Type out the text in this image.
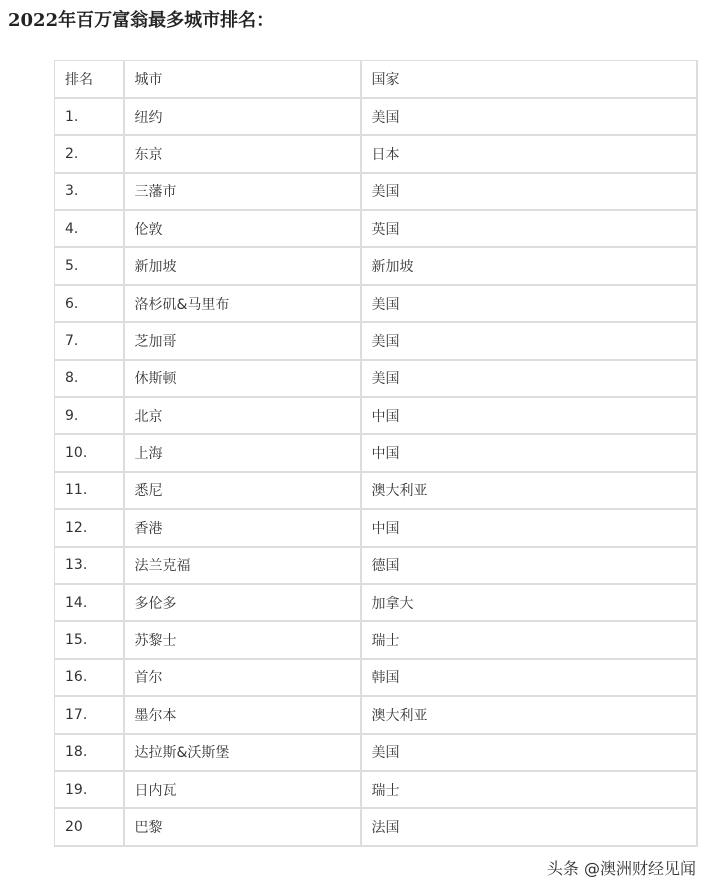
2022年百万富翁最多城市排名：
排名	城市	国家
1.	纽约	美国
2.	东京	日本
3.	三藩市	美国
4.	伦敦	英国
5.	新加坡	新加坡
6.	洛杉矶&马里布	美国
7.	芝加哥	美国
8.	休斯顿	美国
9.	北京	中国
10.	上海	中国
11.	悉尼	澳大利亚
12.	香港	中国
13.	法兰克福	德国
14.	多伦多	加拿大
15.	苏黎士	瑞士
16.	首尔	韩国
17.	墨尔本	澳大利亚
18.	达拉斯&沃斯堡	美国
19.	日内瓦	瑞士
20	巴黎	法国
头条 @澳洲财经见闻
